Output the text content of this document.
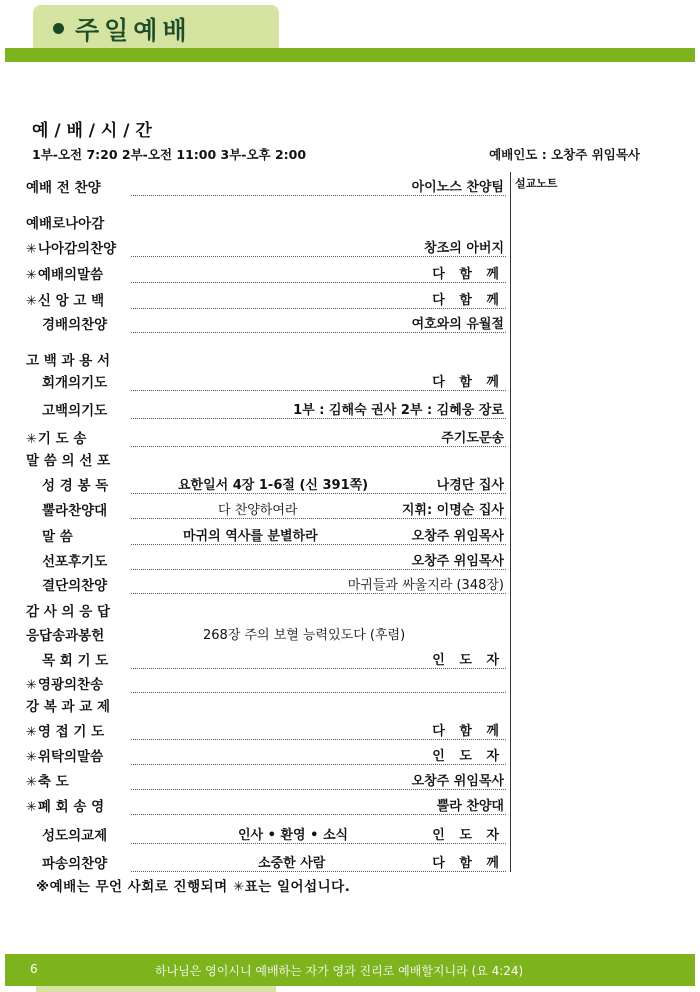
주일예배
예 / 배 / 시 / 간
1부-오전 7:20 2부-오전 11:00 3부-오후 2:00	예배인도 : 오창주 위임목사
설교노트
예배 전 찬양	아이노스 찬양팀
예배로나아감
✳나아감의찬양	창조의 아버지
✳예배의말씀	다 함 께
✳신 앙 고 백	다 함 께
경배의찬양	여호와의 유월절
고 백 과 용 서
회개의기도	다 함 께
고백의기도	1부 : 김해숙 권사 2부 : 김혜웅 장로
✳기 도 송	주기도문송
말 씀 의 선 포
성 경 봉 독	요한일서 4장 1-6절 (신 391쪽)	나경단 집사
뿔라찬양대	다 찬양하여라	지휘: 이명순 집사
말 씀	마귀의 역사를 분별하라	오창주 위임목사
선포후기도	오창주 위임목사
결단의찬양	마귀들과 싸울지라 (348장)
감 사 의 응 답
응답송과봉헌	268장 주의 보혈 능력있도다 (후렴)
목 회 기 도	인 도 자
✳영광의찬송
강 복 과 교 제
✳영 접 기 도	다 함 께
✳위탁의말씀	인 도 자
✳축 도	오창주 위임목사
✳폐 회 송 영	뿔라 찬양대
성도의교제	인사 • 환영 • 소식	인 도 자
파송의찬양	소중한 사람	다 함 께
※예배는 무언 사회로 진행되며 ✳표는 일어섭니다.
6	하나님은 영이시니 예배하는 자가 영과 진리로 예배할지니라 (요 4:24)
